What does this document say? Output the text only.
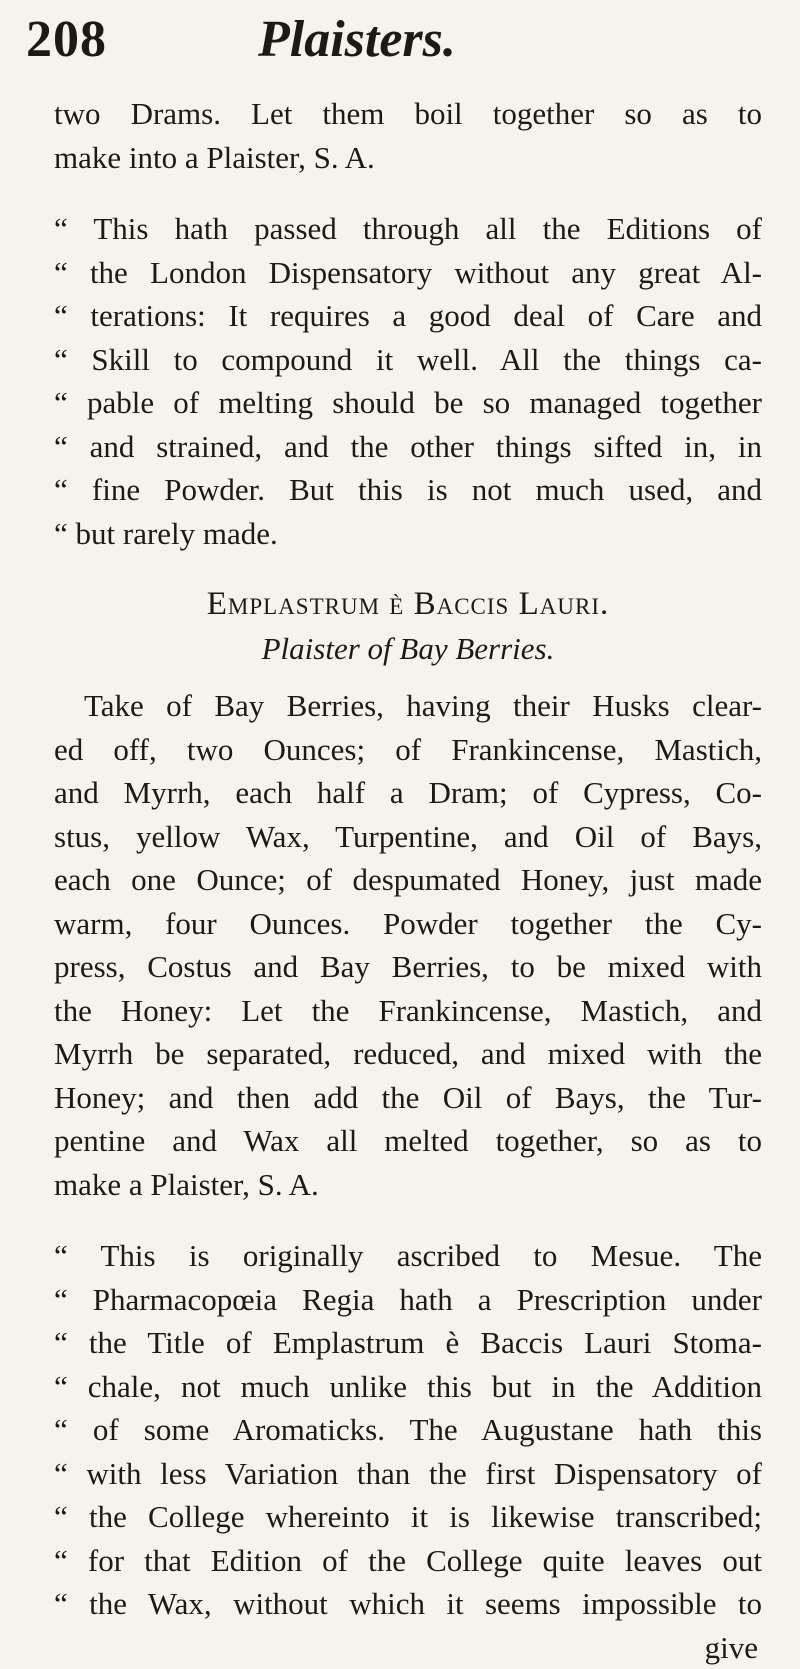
208	Plaisters.
two Drams. Let them boil together so as to
make into a Plaister, S. A.
“ This hath passed through all the Editions of
“ the London Dispensatory without any great Al-
“ terations: It requires a good deal of Care and
“ Skill to compound it well. All the things ca-
“ pable of melting should be so managed together
“ and strained, and the other things sifted in, in
“ fine Powder. But this is not much used, and
“ but rarely made.
Emplastrum è Baccis Lauri.
Plaister of Bay Berries.
Take of Bay Berries, having their Husks clear-
ed off, two Ounces; of Frankincense, Mastich,
and Myrrh, each half a Dram; of Cypress, Co-
stus, yellow Wax, Turpentine, and Oil of Bays,
each one Ounce; of despumated Honey, just made
warm, four Ounces. Powder together the Cy-
press, Costus and Bay Berries, to be mixed with
the Honey: Let the Frankincense, Mastich, and
Myrrh be separated, reduced, and mixed with the
Honey; and then add the Oil of Bays, the Tur-
pentine and Wax all melted together, so as to
make a Plaister, S. A.
“ This is originally ascribed to Mesue. The
“ Pharmacopœia Regia hath a Prescription under
“ the Title of Emplastrum è Baccis Lauri Stoma-
“ chale, not much unlike this but in the Addition
“ of some Aromaticks. The Augustane hath this
“ with less Variation than the first Dispensatory of
“ the College whereinto it is likewise transcribed;
“ for that Edition of the College quite leaves out
“ the Wax, without which it seems impossible to
give
